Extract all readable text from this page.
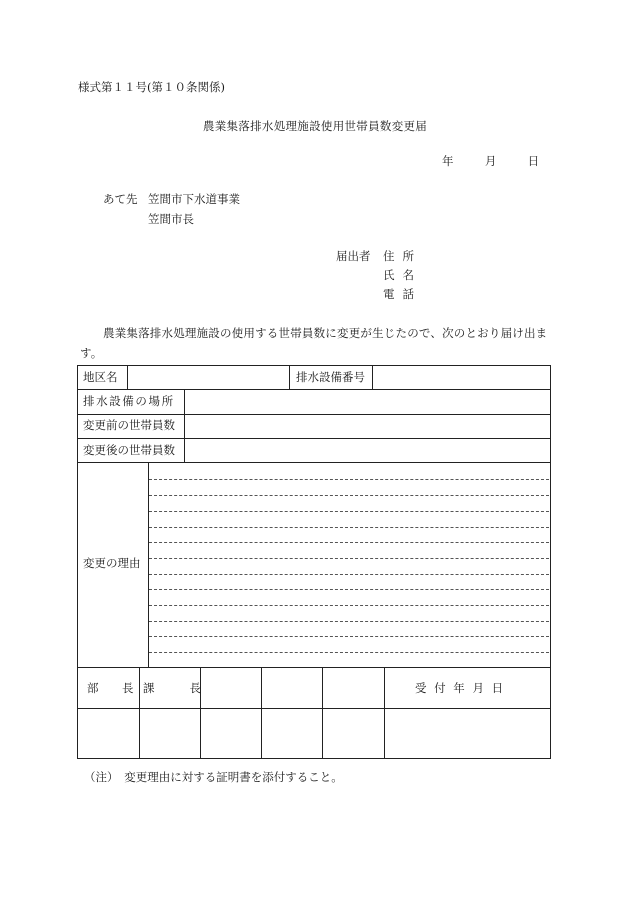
様式第１１号(第１０条関係)
農業集落排水処理施設使用世帯員数変更届
年	月	日
あて先 笠間市下水道事業
笠間市長
届出者 住所
氏名
電話
農業集落排水処理施設の使用する世帯員数に変更が生じたので、次のとおり届け出ます。
地区名	排水設備番号
排水設備の場所
変更前の世帯員数
変更後の世帯員数
変更の理由
部　長 課　　長	受 付 年 月 日
（注）　変更理由に対する証明書を添付すること。
